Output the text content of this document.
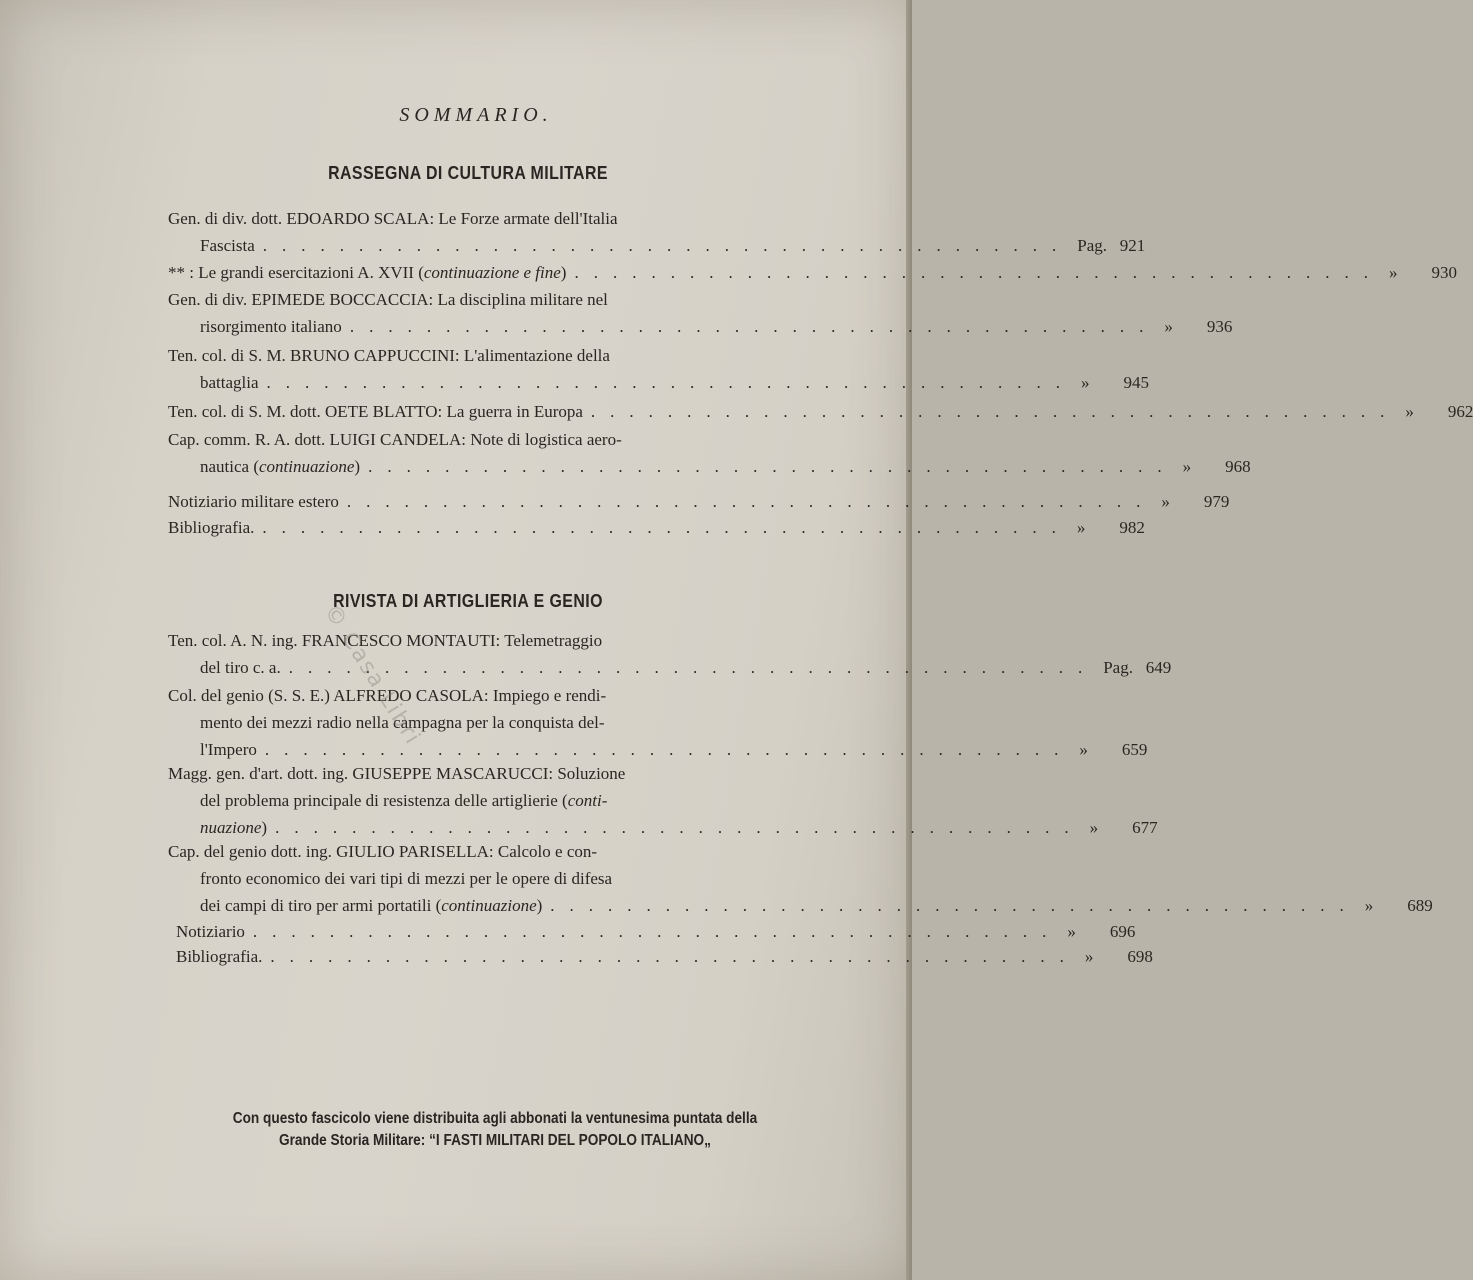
SOMMARIO.
RASSEGNA DI CULTURA MILITARE
Gen. di div. dott. EDOARDO SCALA: Le Forze armate dell'Italia
Fascista .......................................... Pag. 921
** : Le grandi esercitazioni A. XVII ( continuazione e fine ) .......................................... » 930
Gen. di div. EPIMEDE BOCCACCIA: La disciplina militare nel
risorgimento italiano .......................................... » 936
Ten. col. di S. M. BRUNO CAPPUCCINI: L'alimentazione della
battaglia .......................................... » 945
Ten. col. di S. M. dott. OETE BLATTO: La guerra in Europa .......................................... » 962
Cap. comm. R. A. dott. LUIGI CANDELA: Note di logistica aero-
nautica ( continuazione ) .......................................... » 968
Notiziario militare estero .......................................... » 979
Bibliografia. .......................................... » 982
RIVISTA DI ARTIGLIERIA E GENIO
Ten. col. A. N. ing. FRANCESCO MONTAUTI: Telemetraggio
del tiro c. a. .......................................... Pag. 649
Col. del genio (S. S. E.) ALFREDO CASOLA: Impiego e rendi-
mento dei mezzi radio nella campagna per la conquista del-
l'Impero .......................................... » 659
Magg. gen. d'art. dott. ing. GIUSEPPE MASCARUCCI: Soluzione
del problema principale di resistenza delle artiglierie ( conti-
nuazione ) .......................................... » 677
Cap. del genio dott. ing. GIULIO PARISELLA: Calcolo e con-
fronto economico dei vari tipi di mezzi per le opere di difesa
dei campi di tiro per armi portatili ( continuazione ) .......................................... » 689
Notiziario .......................................... » 696
Bibliografia. .......................................... » 698
© Casa Libri
Con questo fascicolo viene distribuita agli abbonati la ventunesima puntata della
Grande Storia Militare: “I FASTI MILITARI DEL POPOLO ITALIANO„
